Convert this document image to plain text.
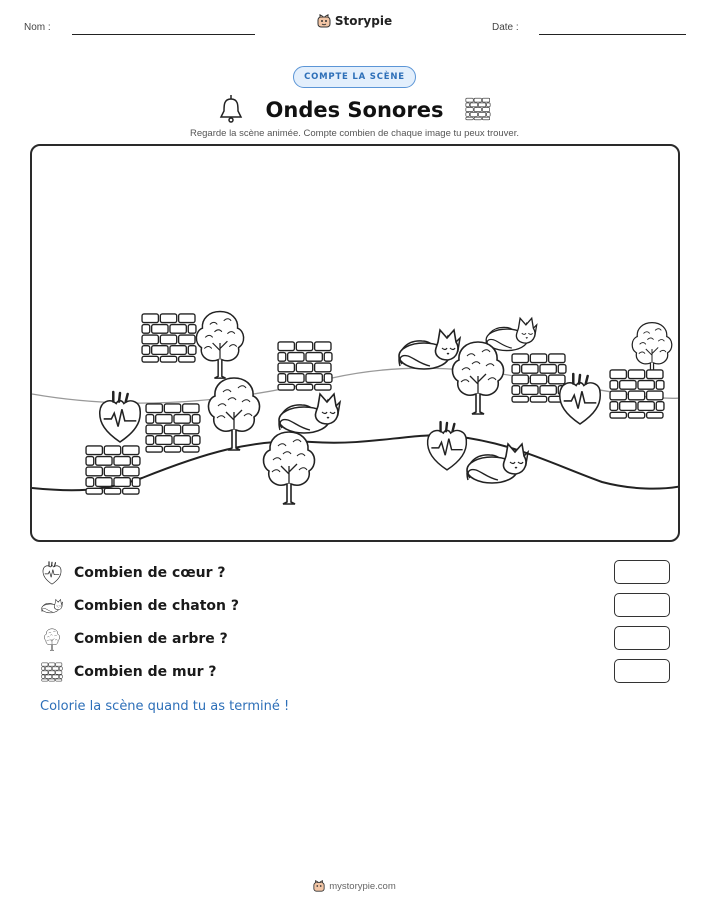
Nom :	Storypie	Date :
COMPTE LA SCÈNE
Ondes Sonores
Regarde la scène animée. Compte combien de chaque image tu peux trouver.
Combien de cœur ?
Combien de chaton ?
Combien de arbre ?
Combien de mur ?
Colorie la scène quand tu as terminé !
mystorypie.com
